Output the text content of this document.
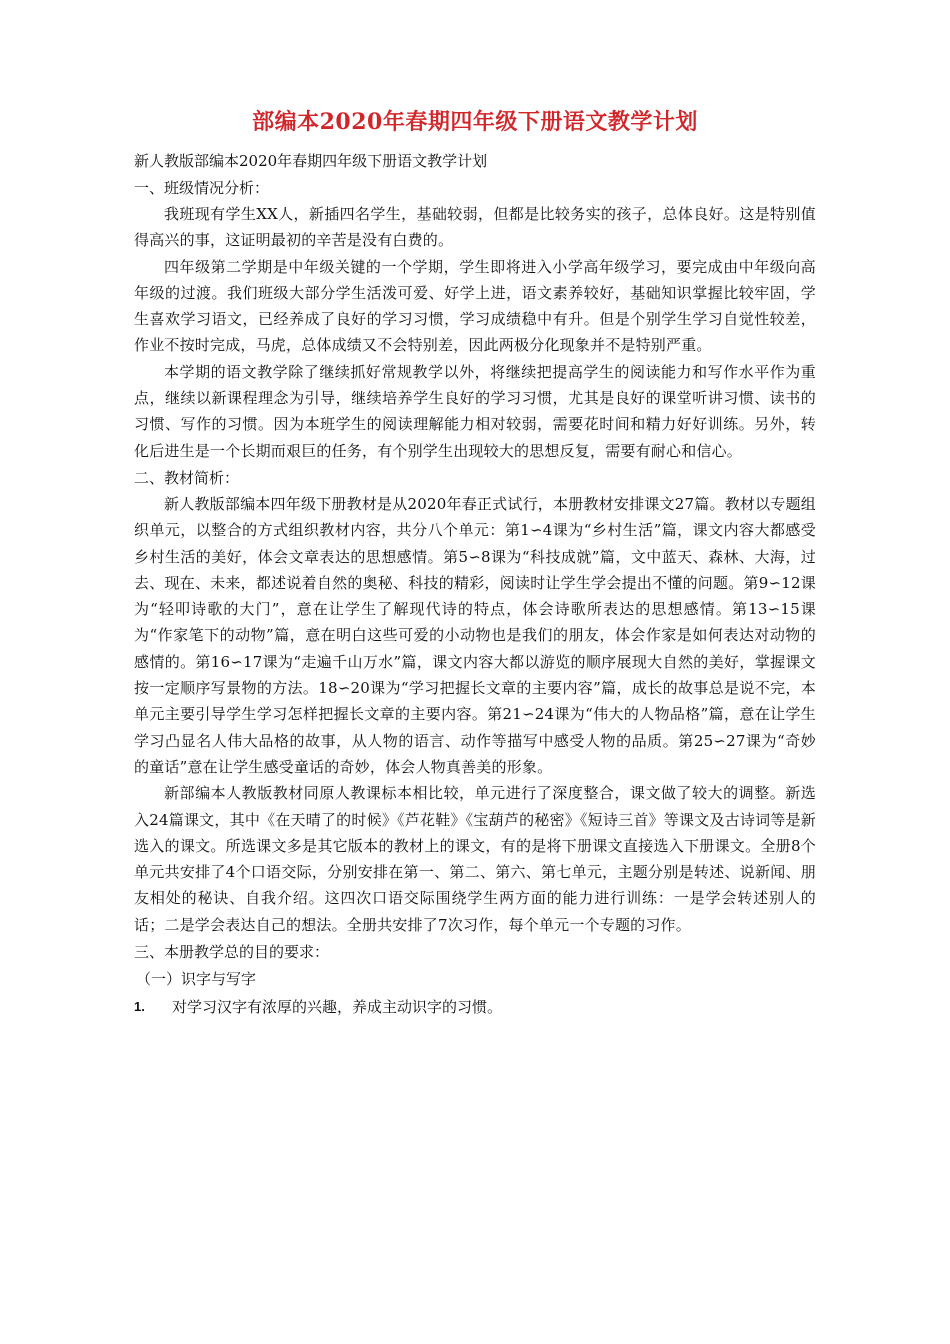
部编本2020年春期四年级下册语文教学计划

新人教版部编本2020年春期四年级下册语文教学计划

一、班级情况分析：

我班现有学生XX人，新插四名学生，基础较弱，但都是比较务实的孩子，总体良好。这是特别值得高兴的事，这证明最初的辛苦是没有白费的。

四年级第二学期是中年级关键的一个学期，学生即将进入小学高年级学习，要完成由中年级向高年级的过渡。我们班级大部分学生活泼可爱、好学上进，语文素养较好，基础知识掌握比较牢固，学生喜欢学习语文，已经养成了良好的学习习惯，学习成绩稳中有升。但是个别学生学习自觉性较差，作业不按时完成，马虎，总体成绩又不会特别差，因此两极分化现象并不是特别严重。

本学期的语文教学除了继续抓好常规教学以外，将继续把提高学生的阅读能力和写作水平作为重点，继续以新课程理念为引导，继续培养学生良好的学习习惯，尤其是良好的课堂听讲习惯、读书的习惯、写作的习惯。因为本班学生的阅读理解能力相对较弱，需要花时间和精力好好训练。另外，转化后进生是一个长期而艰巨的任务，有个别学生出现较大的思想反复，需要有耐心和信心。

二、教材简析：

新人教版部编本四年级下册教材是从2020年春正式试行，本册教材安排课文27篇。教材以专题组织单元，以整合的方式组织教材内容，共分八个单元：第1∽4课为“乡村生活”篇，课文内容大都感受乡村生活的美好，体会文章表达的思想感情。第5∽8课为“科技成就”篇，文中蓝天、森林、大海，过去、现在、未来，都述说着自然的奥秘、科技的精彩，阅读时让学生学会提出不懂的问题。第9∽12课为“轻叩诗歌的大门”，意在让学生了解现代诗的特点，体会诗歌所表达的思想感情。第13∽15课为“作家笔下的动物”篇，意在明白这些可爱的小动物也是我们的朋友，体会作家是如何表达对动物的感情的。第16∽17课为“走遍千山万水”篇，课文内容大都以游览的顺序展现大自然的美好，掌握课文按一定顺序写景物的方法。18∽20课为“学习把握长文章的主要内容”篇，成长的故事总是说不完，本单元主要引导学生学习怎样把握长文章的主要内容。第21∽24课为“伟大的人物品格”篇，意在让学生学习凸显名人伟大品格的故事，从人物的语言、动作等描写中感受人物的品质。第25∽27课为“奇妙的童话”意在让学生感受童话的奇妙，体会人物真善美的形象。

新部编本人教版教材同原人教课标本相比较，单元进行了深度整合，课文做了较大的调整。新选入24篇课文，其中《在天晴了的时候》《芦花鞋》《宝葫芦的秘密》《短诗三首》等课文及古诗词等是新选入的课文。所选课文多是其它版本的教材上的课文，有的是将下册课文直接选入下册课文。全册8个单元共安排了4个口语交际，分别安排在第一、第二、第六、第七单元，主题分别是转述、说新闻、朋友相处的秘诀、自我介绍。这四次口语交际围绕学生两方面的能力进行训练：一是学会转述别人的话；二是学会表达自己的想法。全册共安排了7次习作，每个单元一个专题的习作。

三、本册教学总的目的要求：

（一）识字与写字

1.	对学习汉字有浓厚的兴趣，养成主动识字的习惯。
